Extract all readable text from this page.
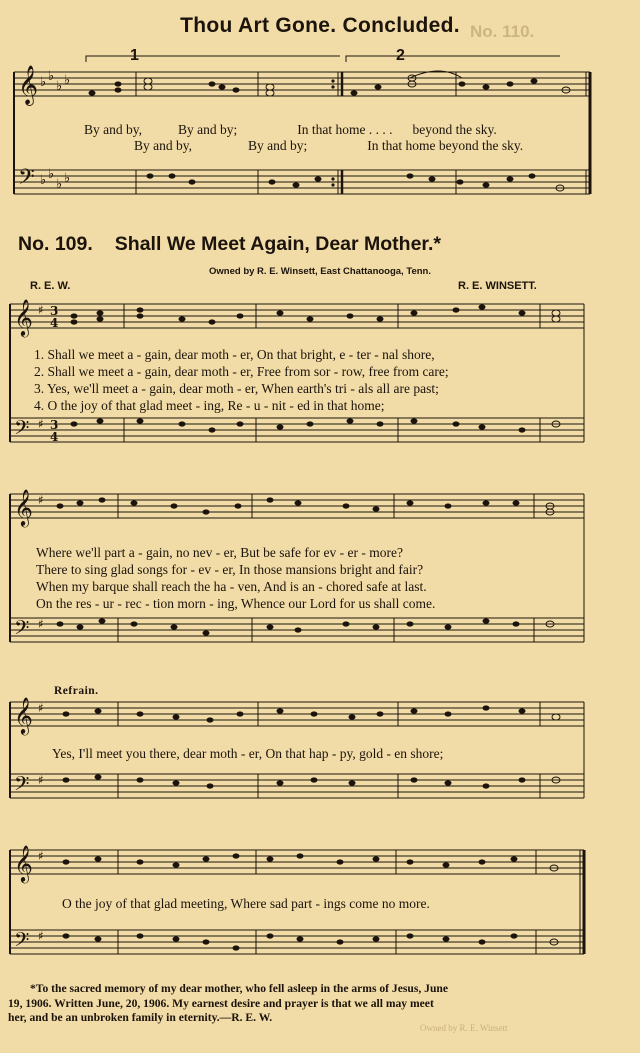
Thou Art Gone. Concluded. No. 110.
1	2
𝄞
𝄢
♭ ♭
♭ ♭
♭ ♭
♭ ♭
By and by,	By and by;	In that home . . . . beyond the sky.
By and by,	By and by;	In that home beyond the sky.
No. 109. Shall We Meet Again, Dear Mother.*
Owned by R. E. Winsett, East Chattanooga, Tenn.
R. E. W.	R. E. WINSETT.
𝄞
𝄢
♯
♯
3
4
3
4
1. Shall we meet a - gain, dear moth - er, On that bright, e - ter - nal shore,
2. Shall we meet a - gain, dear moth - er, Free from sor - row, free from care;
3. Yes, we'll meet a - gain, dear moth - er, When earth's tri - als all are past;
4. O the joy of that glad meet - ing, Re - u - nit - ed in that home;
𝄞
𝄢
♯
♯
Where we'll part a - gain, no nev - er, But be safe for ev - er - more?
There to sing glad songs for - ev - er, In those mansions bright and fair?
When my barque shall reach the ha - ven, And is an - chored safe at last.
On the res - ur - rec - tion morn - ing, Whence our Lord for us shall come.
Refrain.
𝄞
𝄢
♯
♯
Yes, I'll meet you there, dear moth - er, On that hap - py, gold - en shore;
𝄞
𝄢
♯
♯
O the joy of that glad meeting, Where sad part - ings come no more.
*To the sacred memory of my dear mother, who fell asleep in the arms of Jesus, June
19, 1906. Written June, 20, 1906. My earnest desire and prayer is that we all may meet
her, and be an unbroken family in eternity.—R. E. W.
Owned by R. E. Winsett
